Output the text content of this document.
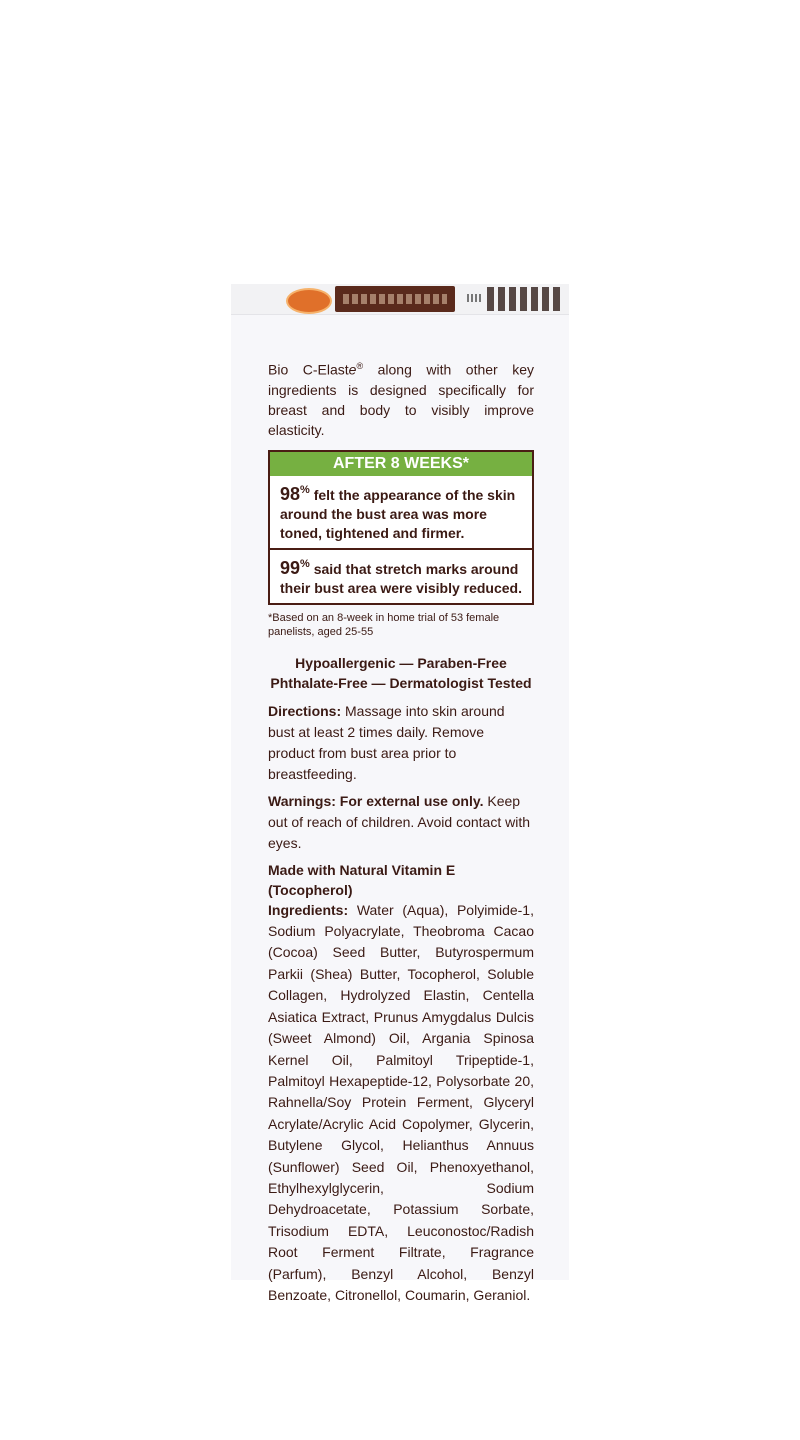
Bio C-Elaste® along with other key ingredients is designed specifically for breast and body to visibly improve elasticity.

AFTER 8 WEEKS*
98% felt the appearance of the skin around the bust area was more toned, tightened and firmer.
99% said that stretch marks around their bust area were visibly reduced.

*Based on an 8-week in home trial of 53 female panelists, aged 25-55

Hypoallergenic — Paraben-Free
Phthalate-Free — Dermatologist Tested

Directions: Massage into skin around bust at least 2 times daily. Remove product from bust area prior to breastfeeding.

Warnings: For external use only. Keep out of reach of children. Avoid contact with eyes.

Made with Natural Vitamin E (Tocopherol)

Ingredients: Water (Aqua), Polyimide-1, Sodium Polyacrylate, Theobroma Cacao (Cocoa) Seed Butter, Butyrospermum Parkii (Shea) Butter, Tocopherol, Soluble Collagen, Hydrolyzed Elastin, Centella Asiatica Extract, Prunus Amygdalus Dulcis (Sweet Almond) Oil, Argania Spinosa Kernel Oil, Palmitoyl Tripeptide-1, Palmitoyl Hexapeptide-12, Polysorbate 20, Rahnella/Soy Protein Ferment, Glyceryl Acrylate/Acrylic Acid Copolymer, Glycerin, Butylene Glycol, Helianthus Annuus (Sunflower) Seed Oil, Phenoxyethanol, Ethylhexylglycerin, Sodium Dehydroacetate, Potassium Sorbate, Trisodium EDTA, Leuconostoc/Radish Root Ferment Filtrate, Fragrance (Parfum), Benzyl Alcohol, Benzyl Benzoate, Citronellol, Coumarin, Geraniol.
